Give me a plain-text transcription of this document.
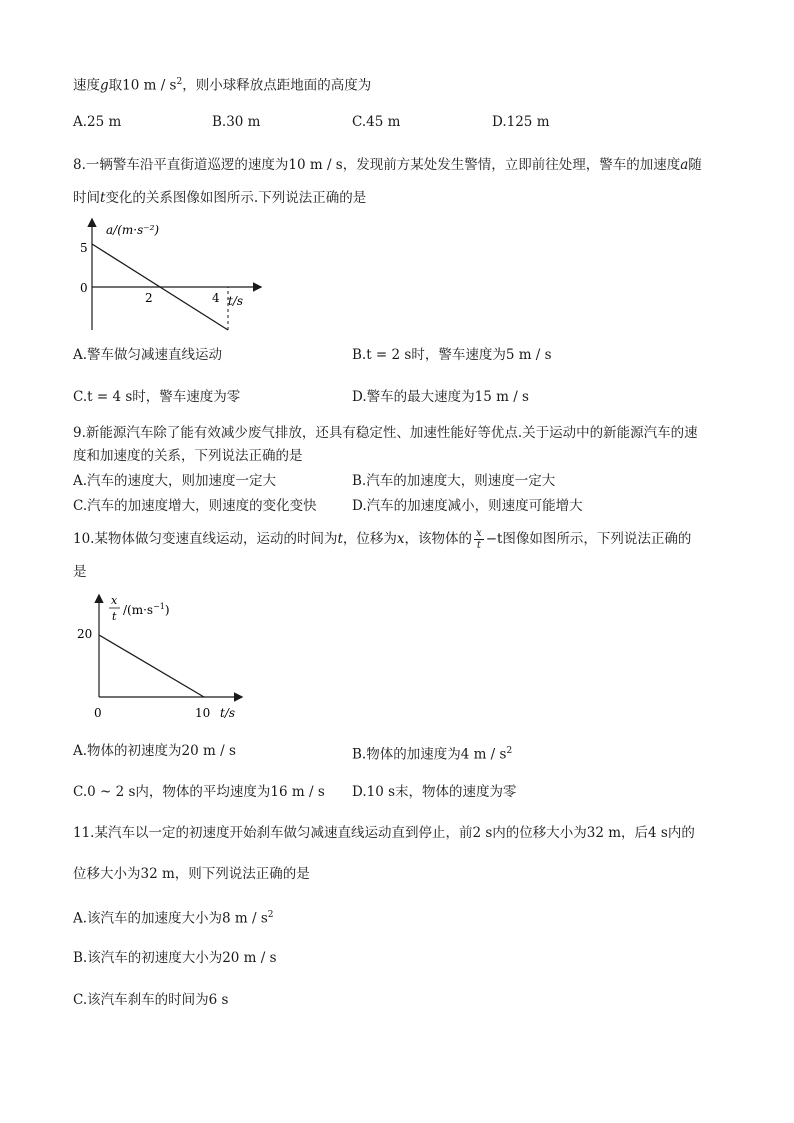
速度g取10 m / $s^2$，则小球释放点距地面的高度为
A.25 m	B.30 m	C.45 m	D.125 m
8.一辆警车沿平直街道巡逻的速度为10 m / s，发现前方某处发生警情，立即前往处理，警车的加速度a随
时间t变化的关系图像如图所示.下列说法正确的是
a/(m·s⁻²)
t/s
0
5
2	4
A.警车做匀减速直线运动	B.t = 2 s时，警车速度为5 m / s
C.t = 4 s时，警车速度为零	D.警车的最大速度为15 m / s
9.新能源汽车除了能有效减少废气排放，还具有稳定性、加速性能好等优点.关于运动中的新能源汽车的速
度和加速度的关系，下列说法正确的是
A.汽车的速度大，则加速度一定大	B.汽车的加速度大，则速度一定大
C.汽车的加速度增大，则速度的变化变快	D.汽车的加速度减小，则速度可能增大
10.某物体做匀变速直线运动，运动的时间为t，位移为x，该物体的 $\frac{x}{t} -t$图像如图所示，下列说法正确的
是
x
t $/(m\cdot s^{-1})$
t/s
0
20
10
A.物体的初速度为20 m / s	B.物体的加速度为4 m / $s^2$
C.0 ~ 2 s内，物体的平均速度为16 m / s D.10 s末，物体的速度为零
11.某汽车以一定的初速度开始刹车做匀减速直线运动直到停止，前2 s内的位移大小为32 m，后4 s内的
位移大小为32 m，则下列说法正确的是
A.该汽车的加速度大小为8 m / $s^2$
B.该汽车的初速度大小为20 m / s
C.该汽车刹车的时间为6 s
